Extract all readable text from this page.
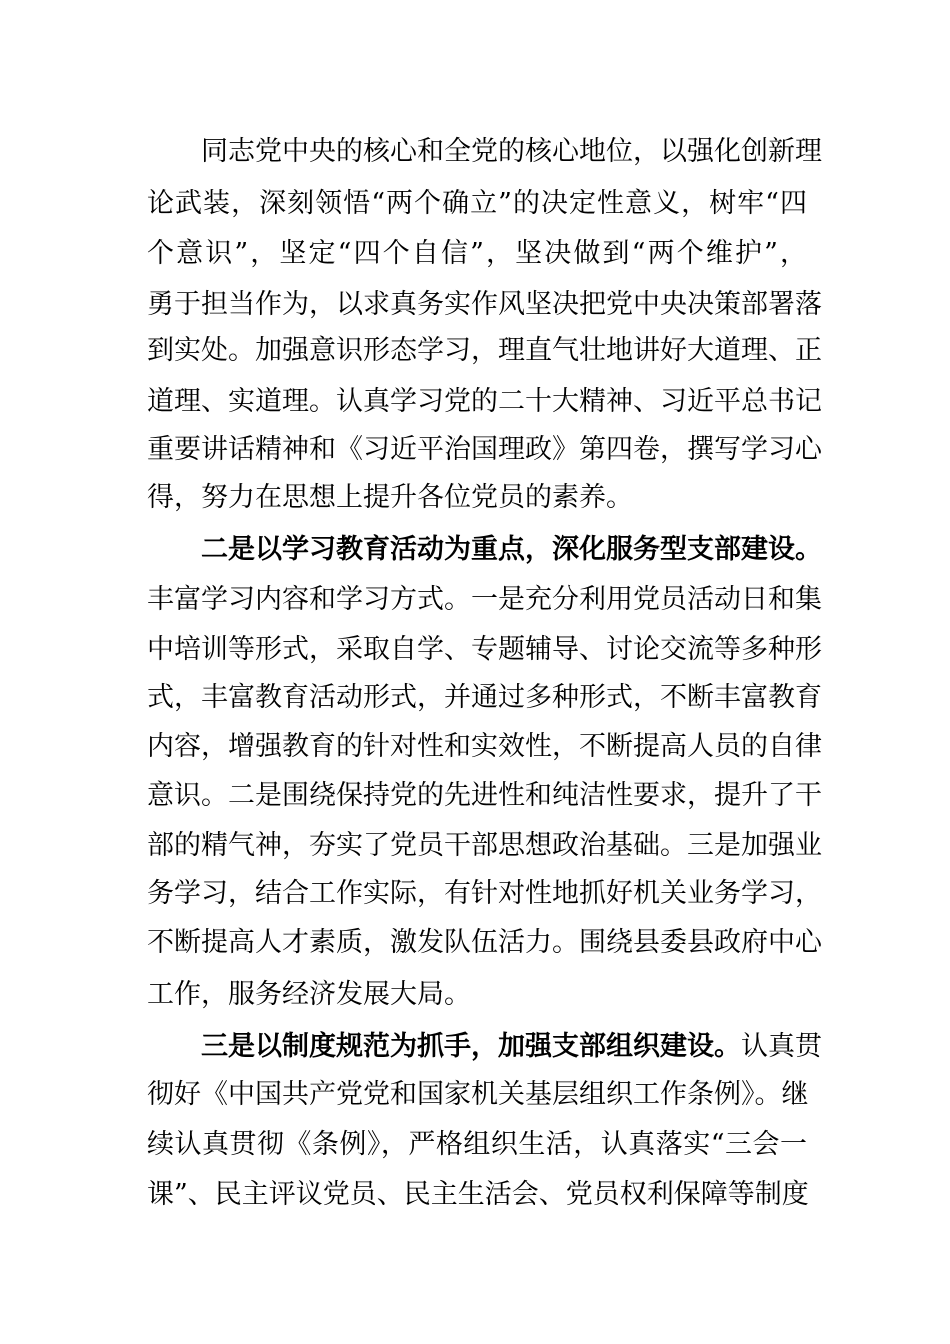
同志党中央的核心和全党的核心地位，以强化创新理
论武装，深刻领悟“两个确立”的决定性意义，树牢“四
个意识”，坚定“四个自信”，坚决做到“两个维护”，
勇于担当作为，以求真务实作风坚决把党中央决策部署落
到实处。加强意识形态学习，理直气壮地讲好大道理、正
道理、实道理。认真学习党的二十大精神、习近平总书记
重要讲话精神和《习近平治国理政》第四卷，撰写学习心
得，努力在思想上提升各位党员的素养。
二是以学习教育活动为重点，深化服务型支部建设。
丰富学习内容和学习方式。一是充分利用党员活动日和集
中培训等形式，采取自学、专题辅导、讨论交流等多种形
式，丰富教育活动形式，并通过多种形式，不断丰富教育
内容，增强教育的针对性和实效性，不断提高人员的自律
意识。二是围绕保持党的先进性和纯洁性要求，提升了干
部的精气神，夯实了党员干部思想政治基础。三是加强业
务学习，结合工作实际，有针对性地抓好机关业务学习，
不断提高人才素质，激发队伍活力。围绕县委县政府中心
工作，服务经济发展大局。
三是以制度规范为抓手，加强支部组织建设。认真贯
彻好《中国共产党党和国家机关基层组织工作条例》。继
续认真贯彻《条例》，严格组织生活，认真落实“三会一
课”、民主评议党员、民主生活会、党员权利保障等制度
